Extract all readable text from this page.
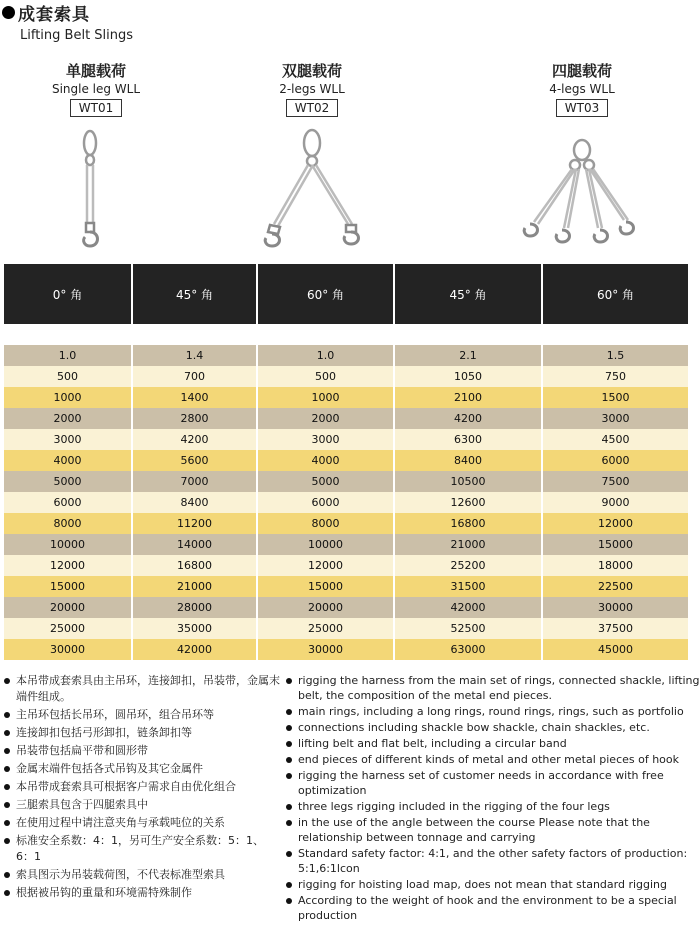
成套索具
Lifting Belt Slings
单腿载荷
Single leg WLL
WT01
双腿载荷
2-legs WLL
WT02
四腿载荷
4-legs WLL
WT03
0° 角	45° 角	60° 角	45° 角	60° 角

1.0	1.4	1.0	2.1	1.5
500	700	500	1050	750
1000	1400	1000	2100	1500
2000	2800	2000	4200	3000
3000	4200	3000	6300	4500
4000	5600	4000	8400	6000
5000	7000	5000	10500	7500
6000	8400	6000	12600	9000
8000	11200	8000	16800	12000
10000	14000	10000	21000	15000
12000	16800	12000	25200	18000
15000	21000	15000	31500	22500
20000	28000	20000	42000	30000
25000	35000	25000	52500	37500
30000	42000	30000	63000	45000
本吊带成套索具由主吊环，连接卸扣，吊装带，金属末端件组成。
主吊环包括长吊环，圆吊环，组合吊环等
连接卸扣包括弓形卸扣，链条卸扣等
吊装带包括扁平带和圆形带
金属末端件包括各式吊钩及其它金属件
本吊带成套索具可根据客户需求自由优化组合
三腿索具包含于四腿索具中
在使用过程中请注意夹角与承载吨位的关系
标准安全系数：4：1，另可生产安全系数：5：1、6：1
索具图示为吊装载荷图，不代表标准型索具
根据被吊钩的重量和环境需特殊制作
rigging the harness from the main set of rings, connected shackle, lifting belt, the composition of the metal end pieces.
main rings, including a long rings, round rings, rings, such as portfolio
connections including shackle bow shackle, chain shackles, etc.
lifting belt and flat belt, including a circular band
end pieces of different kinds of metal and other metal pieces of hook
rigging the harness set of customer needs in accordance with free optimization
three legs rigging included in the rigging of the four legs
in the use of the angle between the course Please note that the relationship between tonnage and carrying
Standard safety factor: 4:1, and the other safety factors of production: 5:1,6:1lcon
rigging for hoisting load map, does not mean that standard rigging
According to the weight of hook and the environment to be a special production
